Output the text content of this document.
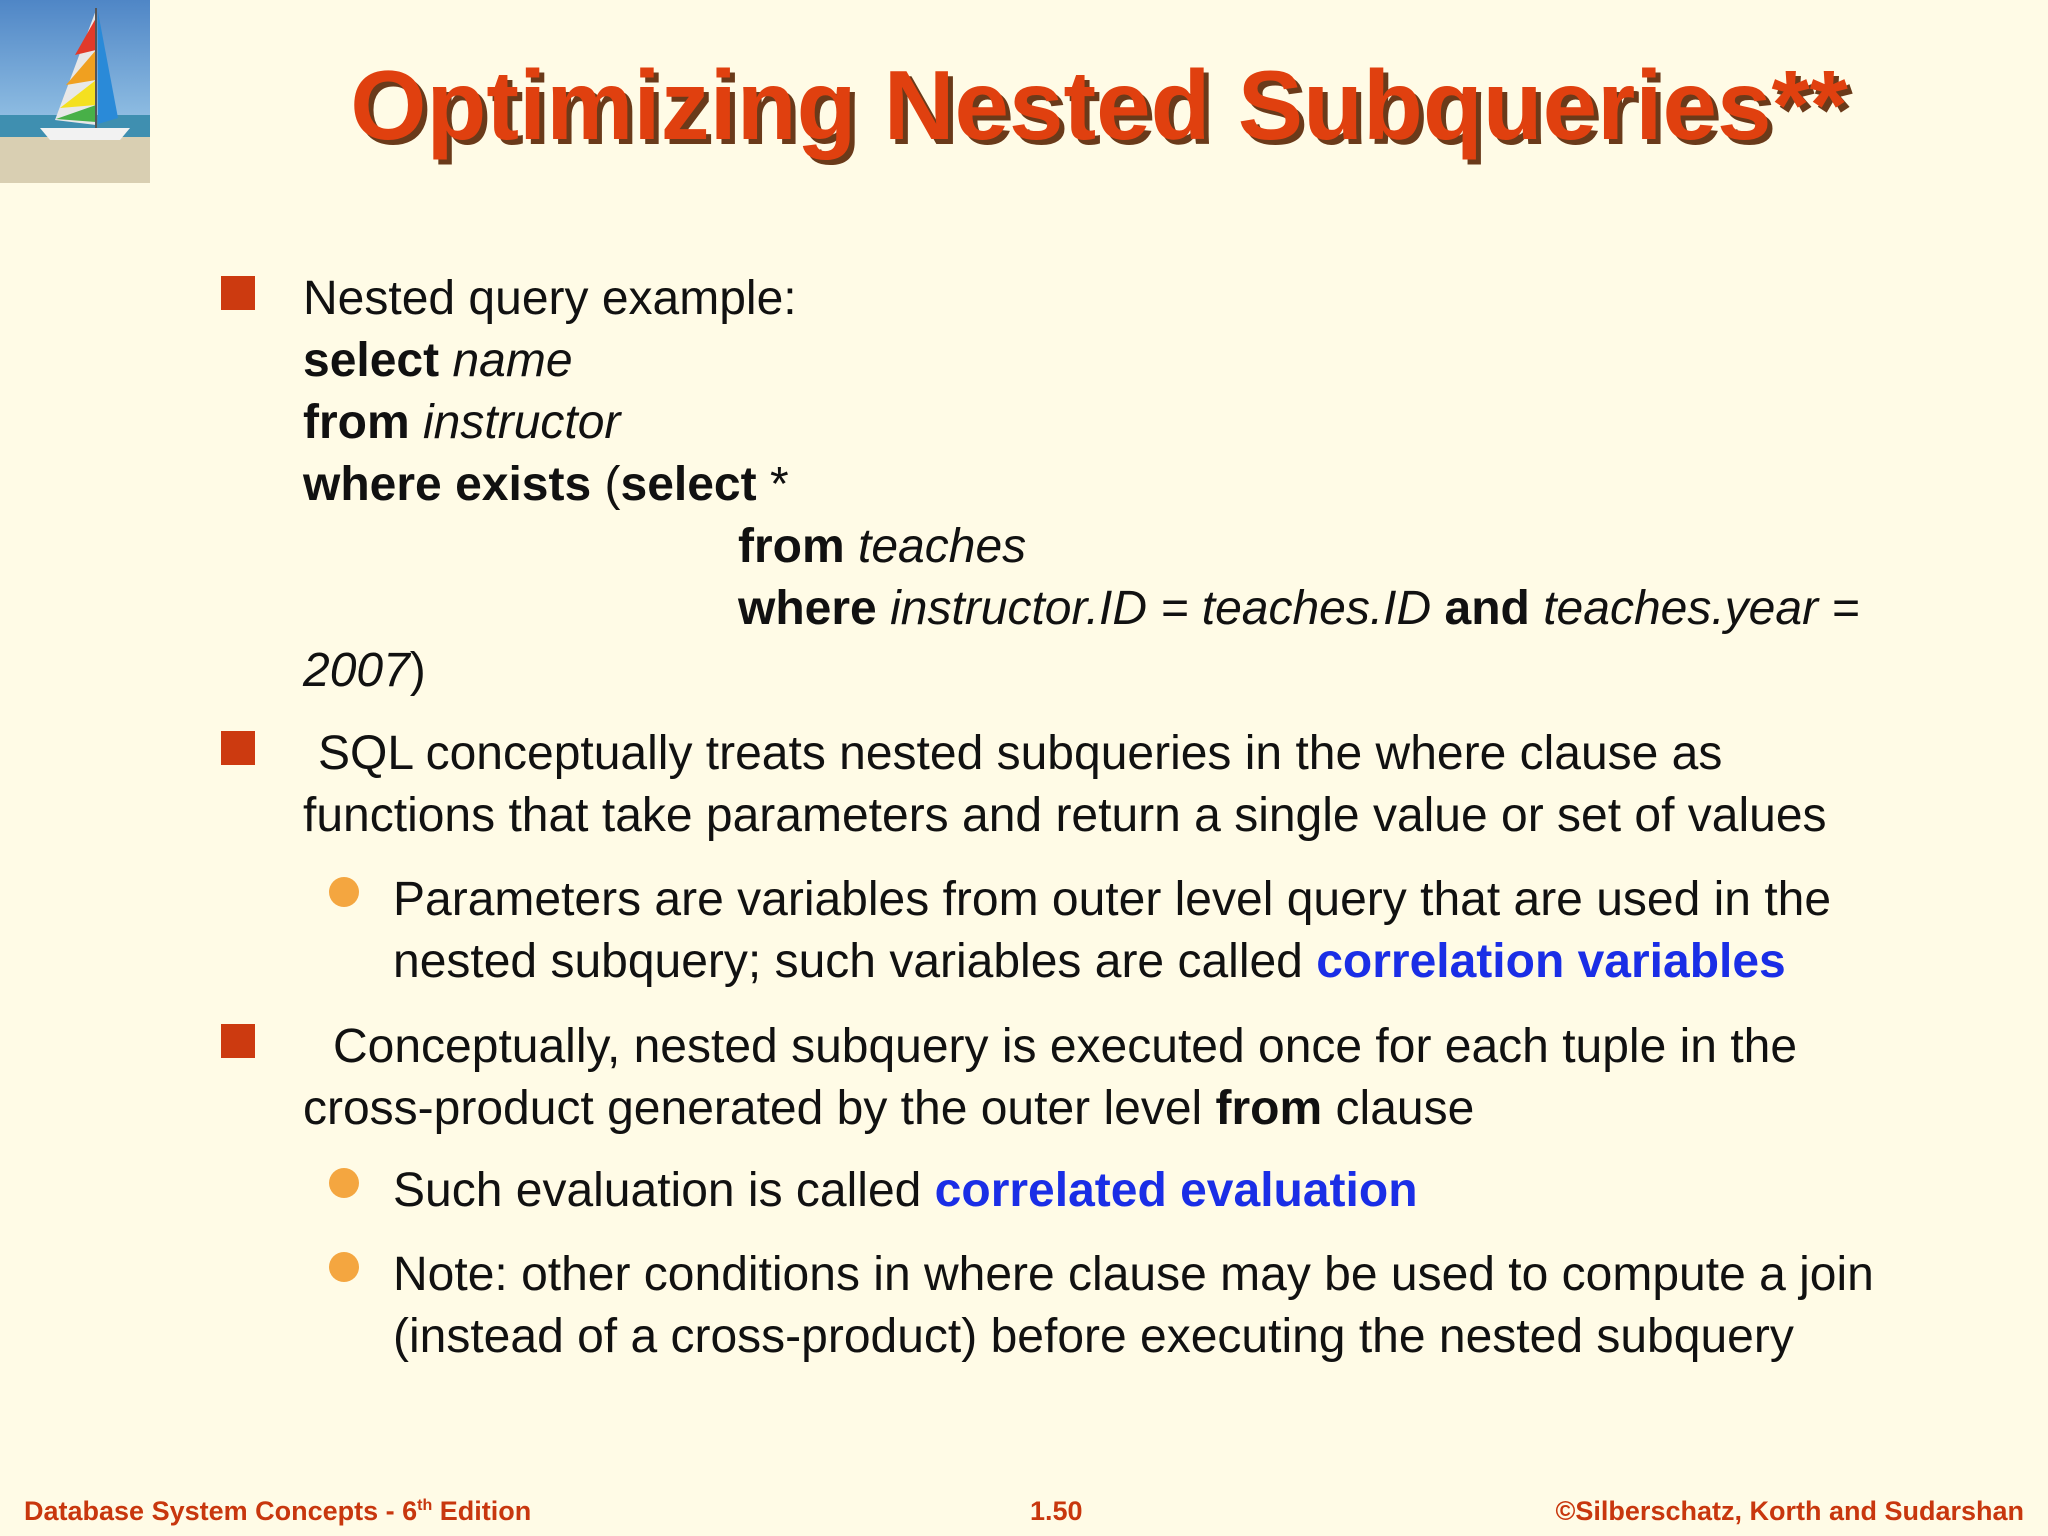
Optimizing Nested Subqueries**
Nested query example:
select name
from instructor
where exists (select *
from teaches
where instructor.ID = teaches.ID and teaches.year =
2007)
SQL conceptually treats nested subqueries in the where clause as
functions that take parameters and return a single value or set of values
Parameters are variables from outer level query that are used in the
nested subquery; such variables are called correlation variables
Conceptually, nested subquery is executed once for each tuple in the
cross-product generated by the outer level from clause
Such evaluation is called correlated evaluation
Note: other conditions in where clause may be used to compute a join
(instead of a cross-product) before executing the nested subquery
Database System Concepts - 6th Edition	1.50	©Silberschatz, Korth and Sudarshan
